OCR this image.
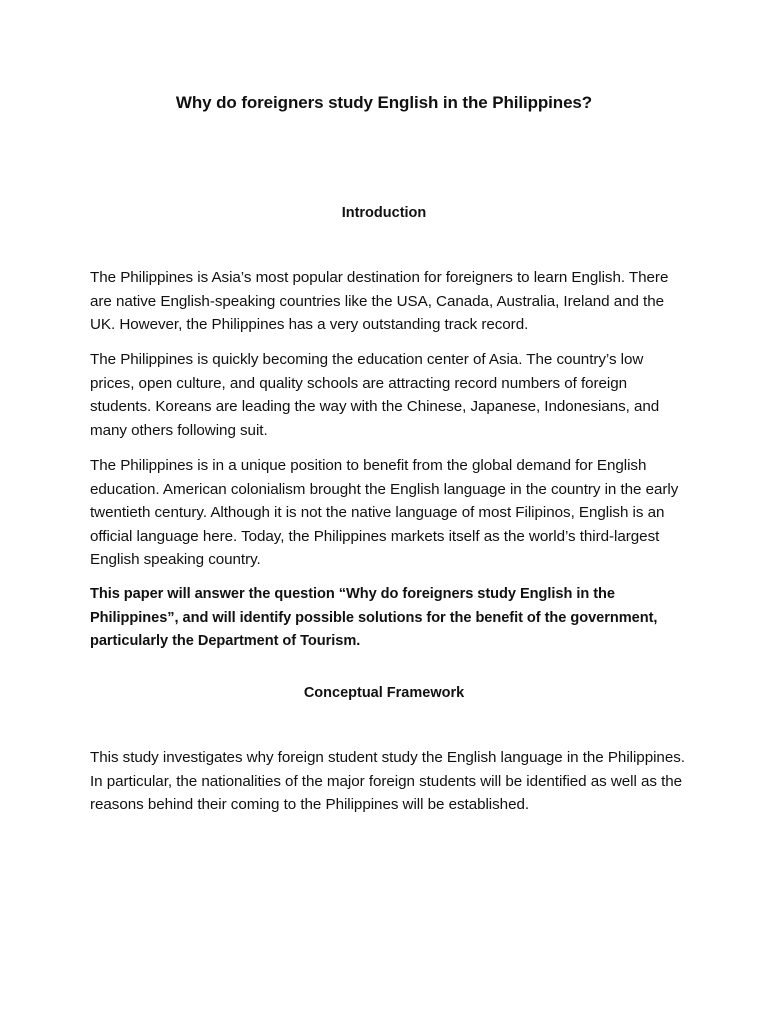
Why do foreigners study English in the Philippines?
Introduction

The Philippines is Asia’s most popular destination for foreigners to learn English. There are native English-speaking countries like the USA, Canada, Australia, Ireland and the UK. However, the Philippines has a very outstanding track record.

The Philippines is quickly becoming the education center of Asia. The country’s low prices, open culture, and quality schools are attracting record numbers of foreign students. Koreans are leading the way with the Chinese, Japanese, Indonesians, and many others following suit.

The Philippines is in a unique position to benefit from the global demand for English education. American colonialism brought the English language in the country in the early twentieth century. Although it is not the native language of most Filipinos, English is an official language here. Today, the Philippines markets itself as the world’s third-largest English speaking country.

This paper will answer the question “Why do foreigners study English in the Philippines”, and will identify possible solutions for the benefit of the government, particularly the Department of Tourism.

Conceptual Framework

This study investigates why foreign student study the English language in the Philippines. In particular, the nationalities of the major foreign students will be identified as well as the reasons behind their coming to the Philippines will be established.
